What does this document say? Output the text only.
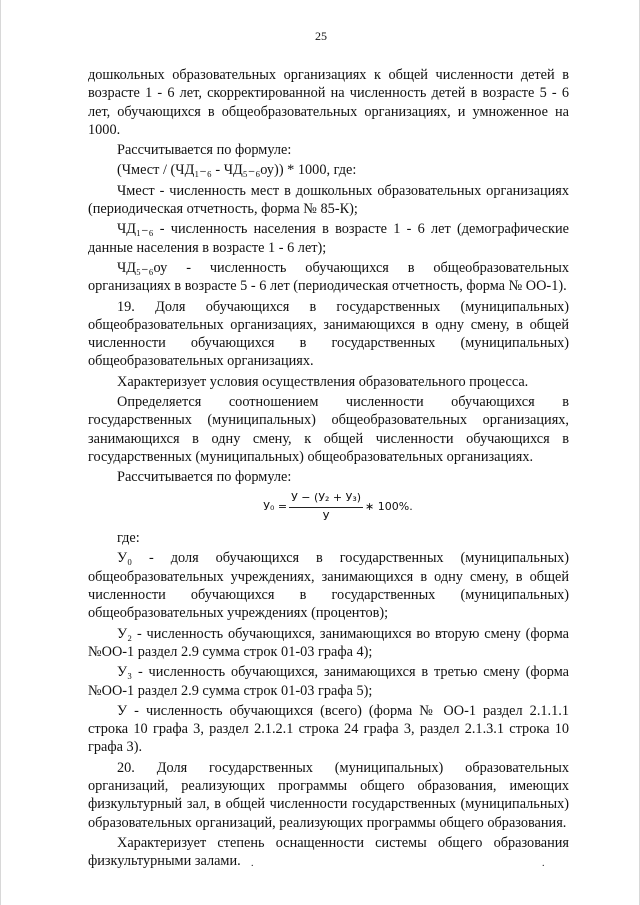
25

дошкольных образовательных организациях к общей численности детей в возрасте 1 - 6 лет, скорректированной на численность детей в возрасте 5 - 6 лет, обучающихся в общеобразовательных организациях, и умноженное на 1000.

Рассчитывается по формуле:

(Чмест / (ЧД₁₋₆ - ЧД₅₋₆оу)) * 1000, где:

Чмест - численность мест в дошкольных образовательных организациях (периодическая отчетность, форма № 85-К);

ЧД₁₋₆ - численность населения в возрасте 1 - 6 лет (демографические данные населения в возрасте 1 - 6 лет);

ЧД₅₋₆оу - численность обучающихся в общеобразовательных организациях в возрасте 5 - 6 лет (периодическая отчетность, форма № ОО-1).

19. Доля обучающихся в государственных (муниципальных) общеобразовательных организациях, занимающихся в одну смену, в общей численности обучающихся в государственных (муниципальных) общеобразовательных организациях.

Характеризует условия осуществления образовательного процесса.

Определяется соотношением численности обучающихся в государственных (муниципальных) общеобразовательных организациях, занимающихся в одну смену, к общей численности обучающихся в государственных (муниципальных) общеобразовательных организациях.

Рассчитывается по формуле:

У₀ =	У − (У₂ + У₃)	∗ 100%.
У

где:

У₀ - доля обучающихся в государственных (муниципальных) общеобразовательных учреждениях, занимающихся в одну смену, в общей численности обучающихся в государственных (муниципальных) общеобразовательных учреждениях (процентов);

У₂ - численность обучающихся, занимающихся во вторую смену (форма №ОО-1 раздел 2.9 сумма строк 01-03 графа 4);

У₃ - численность обучающихся, занимающихся в третью смену (форма №ОО-1 раздел 2.9 сумма строк 01-03 графа 5);

У - численность обучающихся (всего) (форма № ОО-1 раздел 2.1.1.1 строка 10 графа 3, раздел 2.1.2.1 строка 24 графа 3, раздел 2.1.3.1 строка 10 графа 3).

20. Доля государственных (муниципальных) образовательных организаций, реализующих программы общего образования, имеющих физкультурный зал, в общей численности государственных (муниципальных) образовательных организаций, реализующих программы общего образования.

Характеризует степень оснащенности системы общего образования физкультурными залами.	.	.
